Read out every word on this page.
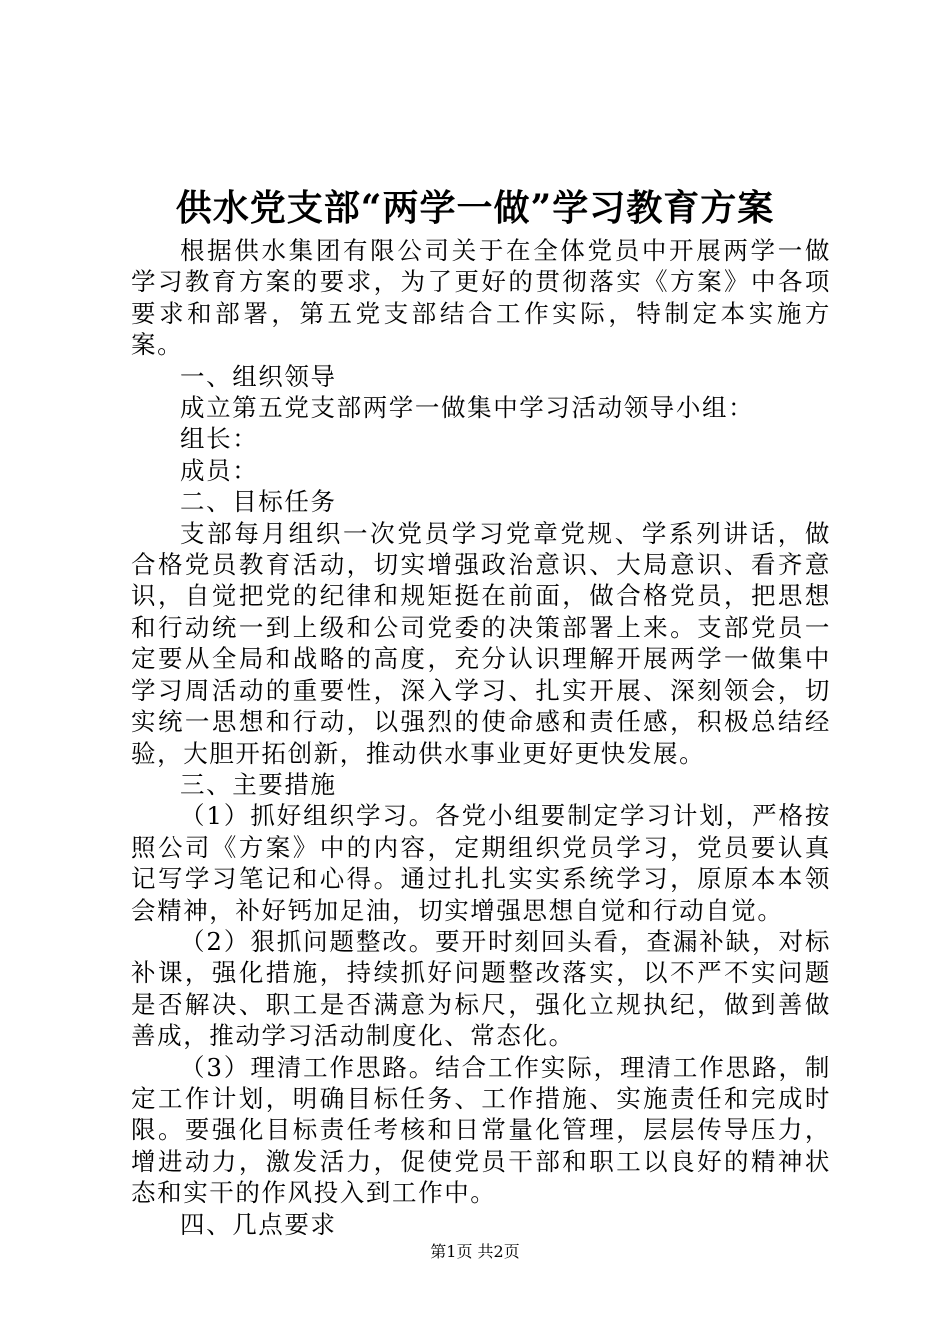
供水党支部“两学一做”学习教育方案

根据供水集团有限公司关于在全体党员中开展两学一做学习教育方案的要求，为了更好的贯彻落实《方案》中各项要求和部署，第五党支部结合工作实际，特制定本实施方案。

一、组织领导

成立第五党支部两学一做集中学习活动领导小组：

组长：

成员：

二、目标任务

支部每月组织一次党员学习党章党规、学系列讲话，做合格党员教育活动，切实增强政治意识、大局意识、看齐意识，自觉把党的纪律和规矩挺在前面，做合格党员，把思想和行动统一到上级和公司党委的决策部署上来。支部党员一定要从全局和战略的高度，充分认识理解开展两学一做集中学习周活动的重要性，深入学习、扎实开展、深刻领会，切实统一思想和行动，以强烈的使命感和责任感，积极总结经验，大胆开拓创新，推动供水事业更好更快发展。

三、主要措施

（1）抓好组织学习。各党小组要制定学习计划，严格按照公司《方案》中的内容，定期组织党员学习，党员要认真记写学习笔记和心得。通过扎扎实实系统学习，原原本本领会精神，补好钙加足油，切实增强思想自觉和行动自觉。

（2）狠抓问题整改。要开时刻回头看，查漏补缺，对标补课，强化措施，持续抓好问题整改落实，以不严不实问题是否解决、职工是否满意为标尺，强化立规执纪，做到善做善成，推动学习活动制度化、常态化。

（3）理清工作思路。结合工作实际，理清工作思路，制定工作计划，明确目标任务、工作措施、实施责任和完成时限。要强化目标责任考核和日常量化管理，层层传导压力，增进动力，激发活力，促使党员干部和职工以良好的精神状态和实干的作风投入到工作中。

四、几点要求

第1页 共2页
